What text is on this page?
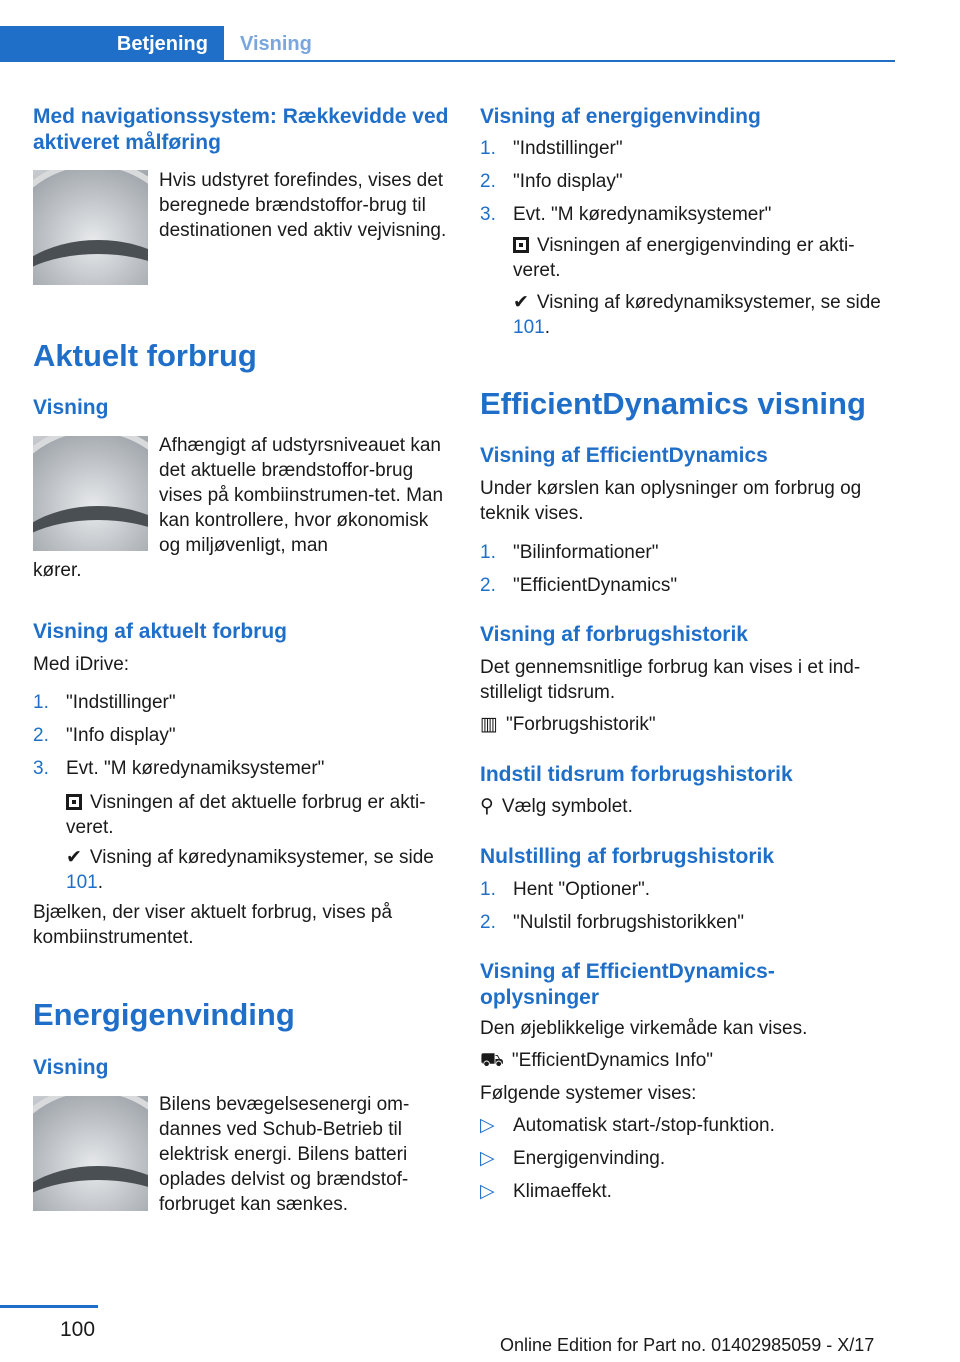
Betjening	Visning
Med navigationssystem: Rækkevidde ved aktiveret målføring

Hvis udstyret forefindes, vises det beregnede brændstoffor-brug til destinationen ved aktiv vejvisning.

Aktuelt forbrug
Visning

Afhængigt af udstyrsniveauet kan det aktuelle brændstoffor-brug vises på kombiinstrumen-tet. Man kan kontrollere, hvor økonomisk og miljøvenligt, man

kører.

Visning af aktuelt forbrug

Med iDrive:

1. "Indstillinger"
2. "Info display"
3. Evt. "M køredynamiksystemer"
Visningen af det aktuelle forbrug er akti-veret.
✔︎ Visning af køredynamiksystemer, se side 101.

Bjælken, der viser aktuelt forbrug, vises på kombiinstrumentet.

Energigenvinding
Visning

Bilens bevægelsesenergi om-dannes ved Schub-Betrieb til elektrisk energi. Bilens batteri oplades delvist og brændstof-forbruget kan sænkes.

Visning af energigenvinding
1. "Indstillinger"
2. "Info display"
3. Evt. "M køredynamiksystemer"
Visningen af energigenvinding er akti-veret.
✔︎ Visning af køredynamiksystemer, se side 101.
EfficientDynamics visning
Visning af EfficientDynamics

Under kørslen kan oplysninger om forbrug og teknik vises.

1. "Bilinformationer"
2. "EfficientDynamics"
Visning af forbrugshistorik

Det gennemsnitlige forbrug kan vises i et ind-stilleligt tidsrum.

▥ "Forbrugshistorik"

Indstil tidsrum forbrugshistorik

⚲ Vælg symbolet.

Nulstilling af forbrugshistorik
1. Hent "Optioner".
2. "Nulstil forbrugshistorikken"
Visning af EfficientDynamics-oplysninger

Den øjeblikkelige virkemåde kan vises.

⛟ "EfficientDynamics Info"

Følgende systemer vises:

▷ Automatisk start-/stop-funktion.
▷ Energigenvinding.
▷ Klimaeffekt.
100
Online Edition for Part no. 01402985059 - X/17
